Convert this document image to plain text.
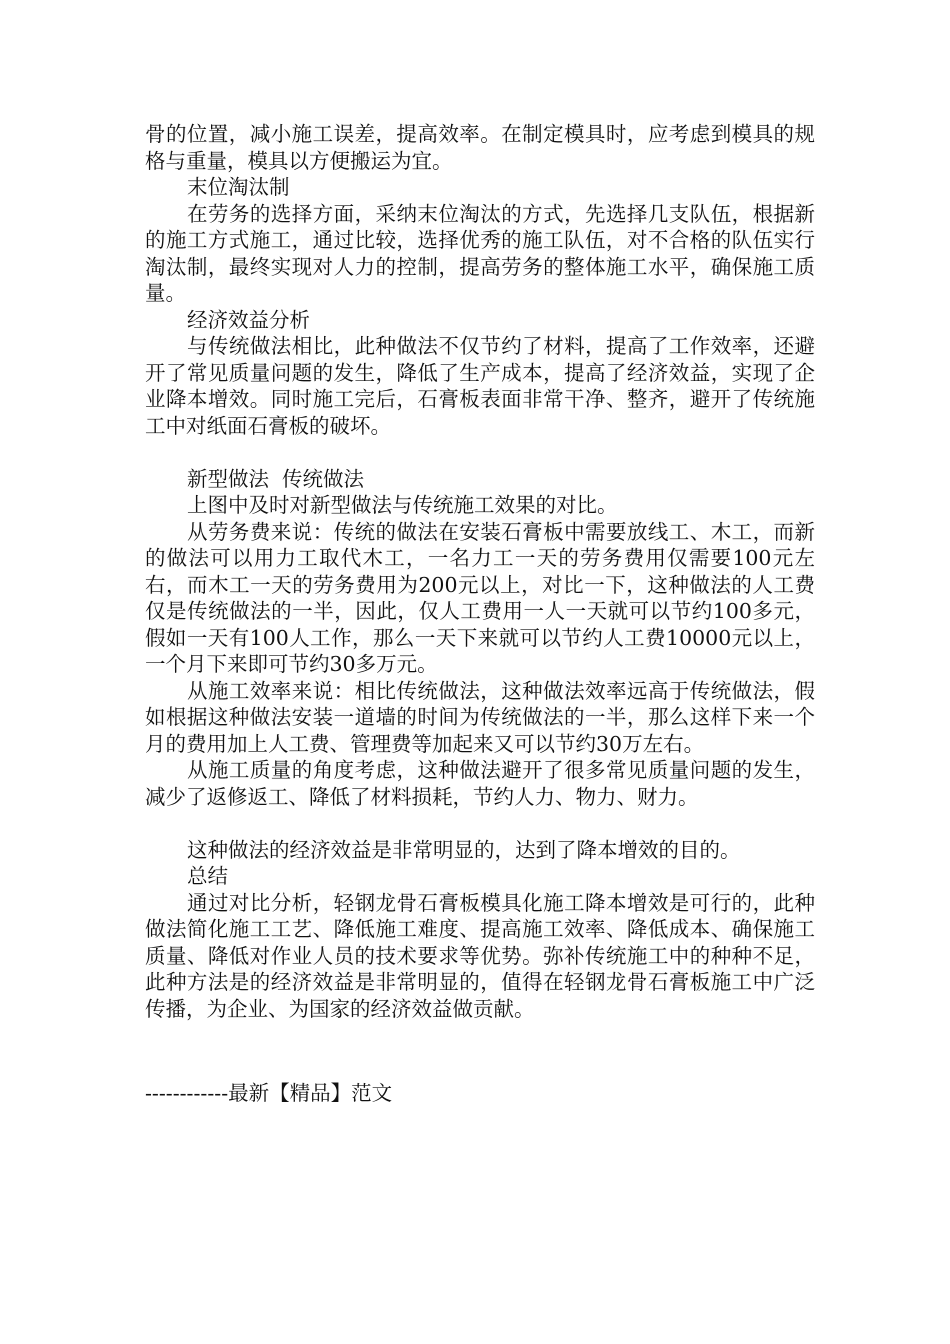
骨的位置，减小施工误差，提高效率。在制定模具时，应考虑到模具的规格与重量，模具以方便搬运为宜。

末位淘汰制

在劳务的选择方面，采纳末位淘汰的方式，先选择几支队伍，根据新的施工方式施工，通过比较，选择优秀的施工队伍，对不合格的队伍实行淘汰制，最终实现对人力的控制，提高劳务的整体施工水平，确保施工质量。

经济效益分析

与传统做法相比，此种做法不仅节约了材料，提高了工作效率，还避开了常见质量问题的发生，降低了生产成本，提高了经济效益，实现了企业降本增效。同时施工完后，石膏板表面非常干净、整齐，避开了传统施工中对纸面石膏板的破坏。

新型做法  传统做法

上图中及时对新型做法与传统施工效果的对比。

从劳务费来说：传统的做法在安装石膏板中需要放线工、木工，而新的做法可以用力工取代木工，一名力工一天的劳务费用仅需要100元左右，而木工一天的劳务费用为200元以上，对比一下，这种做法的人工费仅是传统做法的一半，因此，仅人工费用一人一天就可以节约100多元，假如一天有100人工作，那么一天下来就可以节约人工费10000元以上，一个月下来即可节约30多万元。

从施工效率来说：相比传统做法，这种做法效率远高于传统做法，假如根据这种做法安装一道墙的时间为传统做法的一半，那么这样下来一个月的费用加上人工费、管理费等加起来又可以节约30万左右。

从施工质量的角度考虑，这种做法避开了很多常见质量问题的发生，减少了返修返工、降低了材料损耗，节约人力、物力、财力。

这种做法的经济效益是非常明显的，达到了降本增效的目的。

总结

通过对比分析，轻钢龙骨石膏板模具化施工降本增效是可行的，此种做法简化施工工艺、降低施工难度、提高施工效率、降低成本、确保施工质量、降低对作业人员的技术要求等优势。弥补传统施工中的种种不足，此种方法是的经济效益是非常明显的，值得在轻钢龙骨石膏板施工中广泛传播，为企业、为国家的经济效益做贡献。

------------最新【精品】范文
